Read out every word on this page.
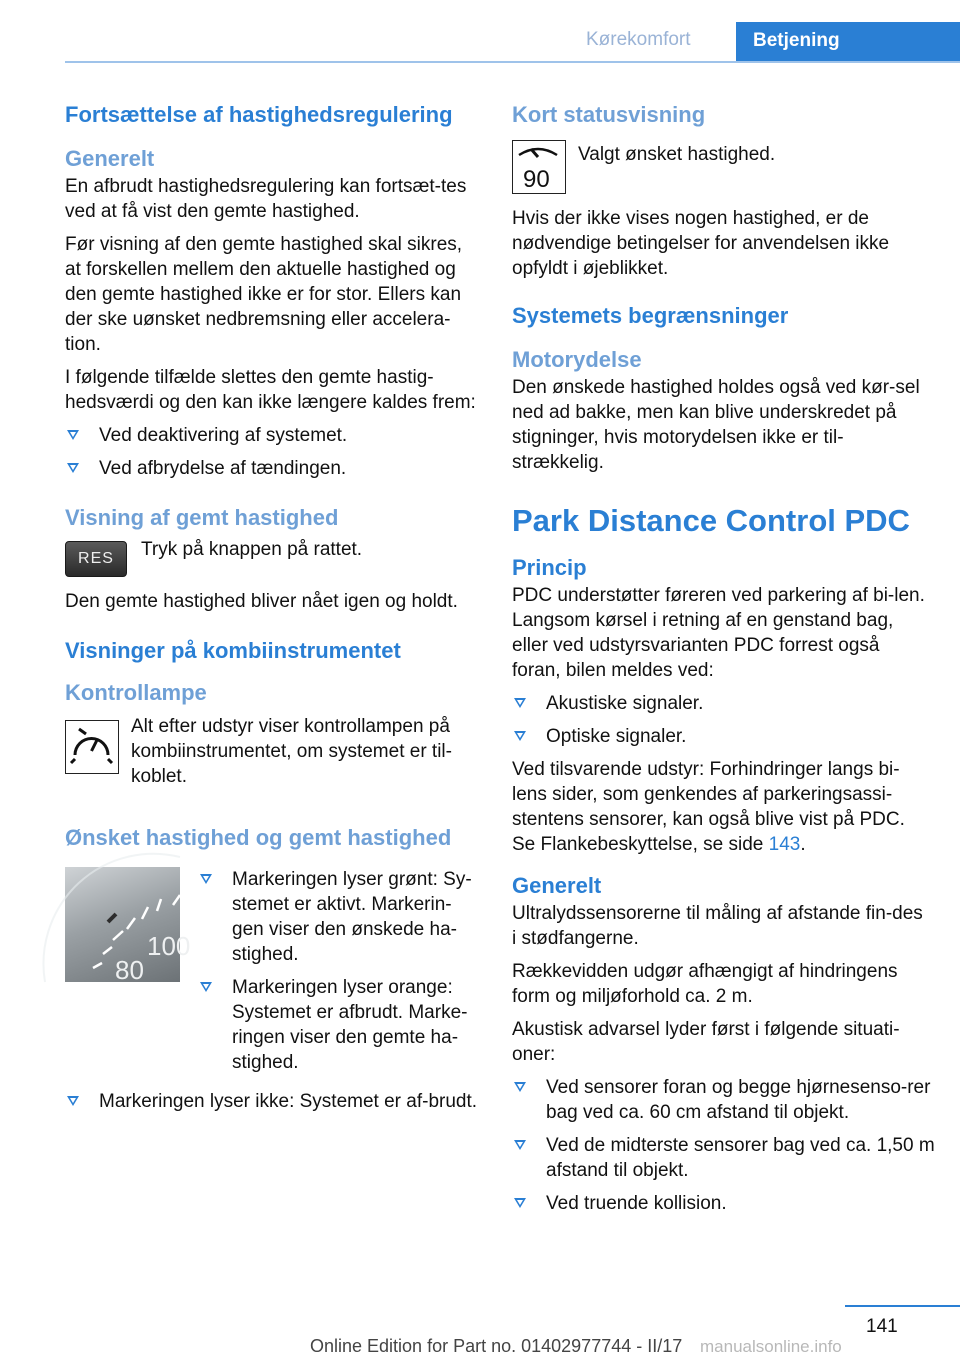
Kørekomfort	Betjening
Fortsættelse af hastighedsregulering
Generelt

En afbrudt hastighedsregulering kan fortsæt‐tes ved at få vist den gemte hastighed.

Før visning af den gemte hastighed skal sikres, at forskellen mellem den aktuelle hastighed og den gemte hastighed ikke er for stor. Ellers kan der ske uønsket nedbremsning eller accelera‐tion.

I følgende tilfælde slettes den gemte hastig‐hedsværdi og den kan ikke længere kaldes frem:

Ved deaktivering af systemet.
Ved afbrydelse af tændingen.
Visning af gemt hastighed
RES	Tryk på knappen på rattet.

Den gemte hastighed bliver nået igen og holdt.

Visninger på kombiinstrumentet
Kontrollampe
Alt efter udstyr viser kontrollampen på kombiinstrumentet, om systemet er til‐koblet.
Ønsket hastighed og gemt hastighed
100
80
Markeringen lyser grønt: Sy‐stemet er aktivt. Markerin‐gen viser den ønskede ha‐stighed.
Markeringen lyser orange: Systemet er afbrudt. Marke‐ringen viser den gemte ha‐stighed.
Markeringen lyser ikke: Systemet er af‐brudt.
Kort statusvisning
90
Valgt ønsket hastighed.

Hvis der ikke vises nogen hastighed, er de nødvendige betingelser for anvendelsen ikke opfyldt i øjeblikket.

Systemets begrænsninger
Motorydelse

Den ønskede hastighed holdes også ved kør‐sel ned ad bakke, men kan blive underskredet på stigninger, hvis motorydelsen ikke er til‐strækkelig.

Park Distance Control PDC
Princip

PDC understøtter føreren ved parkering af bi‐len. Langsom kørsel i retning af en genstand bag, eller ved udstyrsvarianten PDC forrest også foran, bilen meldes ved:

Akustiske signaler.
Optiske signaler.

Ved tilsvarende udstyr: Forhindringer langs bi‐lens sider, som genkendes af parkeringsassi‐stentens sensorer, kan også blive vist på PDC.
Se Flankebeskyttelse, se side 143.

Generelt

Ultralydssensorerne til måling af afstande fin‐des i stødfangerne.

Rækkevidden udgør afhængigt af hindringens form og miljøforhold ca. 2 m.

Akustisk advarsel lyder først i følgende situati‐oner:

Ved sensorer foran og begge hjørnesenso‐rer bag ved ca. 60 cm afstand til objekt.
Ved de midterste sensorer bag ved ca. 1,50 m afstand til objekt.
Ved truende kollision.
141
Online Edition for Part no. 01402977744 - II/17 manualsonline.info
